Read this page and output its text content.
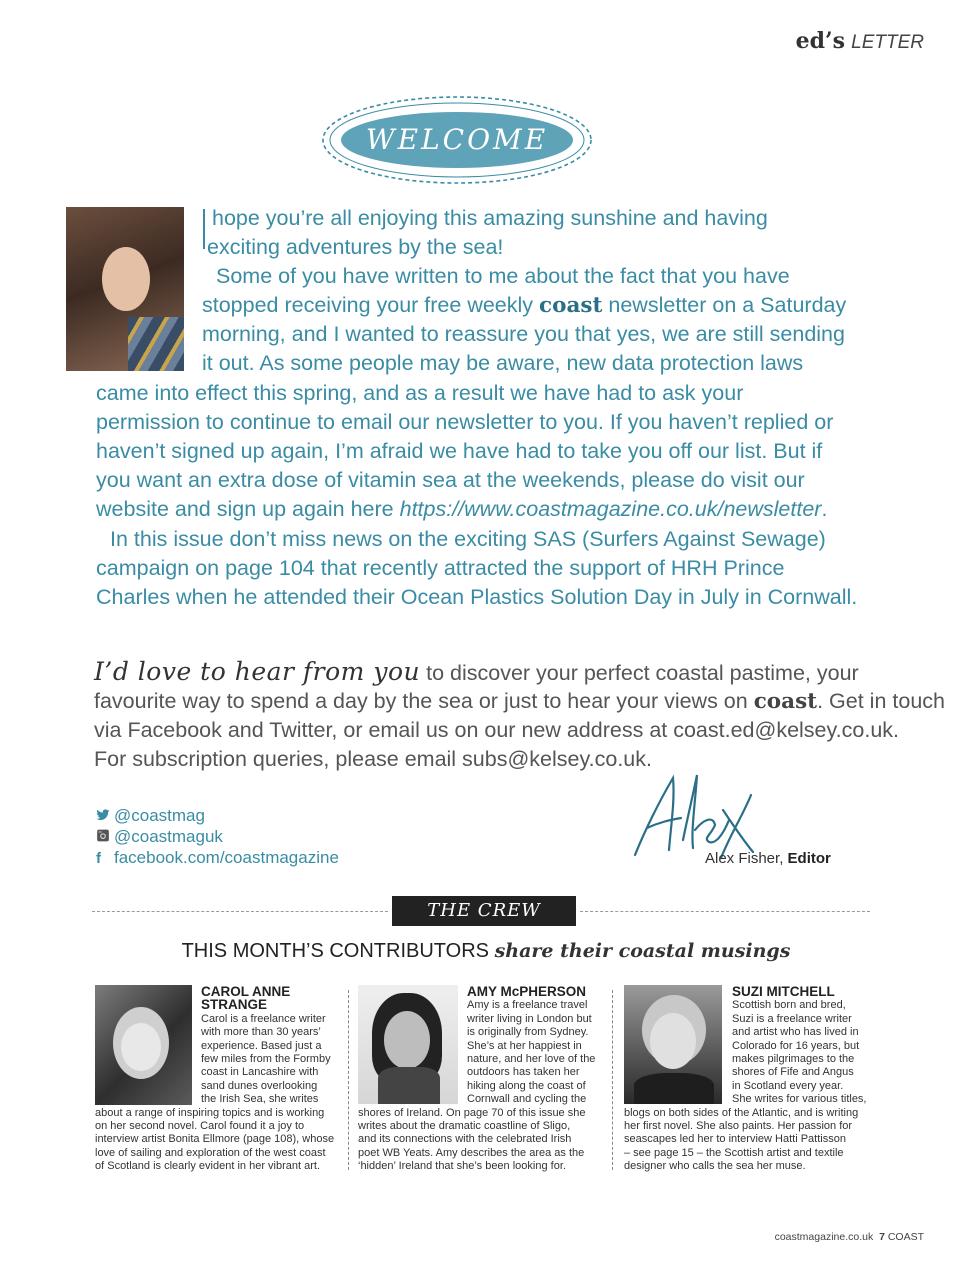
ed’s LETTER
WELCOME
hope you’re all enjoying this amazing sunshine and having
exciting adventures by the sea!
Some of you have written to me about the fact that you have
stopped receiving your free weekly coast newsletter on a Saturday
morning, and I wanted to reassure you that yes, we are still sending
it out. As some people may be aware, new data protection laws
came into effect this spring, and as a result we have had to ask your
permission to continue to email our newsletter to you. If you haven’t replied or
haven’t signed up again, I’m afraid we have had to take you off our list. But if
you want an extra dose of vitamin sea at the weekends, please do visit our
website and sign up again here https://www.coastmagazine.co.uk/newsletter.
In this issue don’t miss news on the exciting SAS (Surfers Against Sewage)
campaign on page 104 that recently attracted the support of HRH Prince
Charles when he attended their Ocean Plastics Solution Day in July in Cornwall.
I’d love to hear from you to discover your perfect coastal pastime, your
favourite way to spend a day by the sea or just to hear your views on coast. Get in touch
via Facebook and Twitter, or email us on our new address at coast.ed@kelsey.co.uk.
For subscription queries, please email subs@kelsey.co.uk.
@coastmag
@coastmaguk
f facebook.com/coastmagazine	Alex Fisher, Editor
THE CREW
THIS MONTH’S CONTRIBUTORS share their coastal musings
CAROL ANNE
STRANGE
Carol is a freelance writer
with more than 30 years’
experience. Based just a
few miles from the Formby
coast in Lancashire with
sand dunes overlooking
the Irish Sea, she writes
about a range of inspiring topics and is working
on her second novel. Carol found it a joy to
interview artist Bonita Ellmore (page 108), whose
love of sailing and exploration of the west coast
of Scotland is clearly evident in her vibrant art.
AMY McPHERSON
Amy is a freelance travel
writer living in London but
is originally from Sydney.
She’s at her happiest in
nature, and her love of the
outdoors has taken her
hiking along the coast of
Cornwall and cycling the
shores of Ireland. On page 70 of this issue she
writes about the dramatic coastline of Sligo,
and its connections with the celebrated Irish
poet WB Yeats. Amy describes the area as the
‘hidden’ Ireland that she’s been looking for.
SUZI MITCHELL
Scottish born and bred,
Suzi is a freelance writer
and artist who has lived in
Colorado for 16 years, but
makes pilgrimages to the
shores of Fife and Angus
in Scotland every year.
She writes for various titles,
blogs on both sides of the Atlantic, and is writing
her first novel. She also paints. Her passion for
seascapes led her to interview Hatti Pattisson
– see page 15 – the Scottish artist and textile
designer who calls the sea her muse.
coastmagazine.co.uk 7 COAST
